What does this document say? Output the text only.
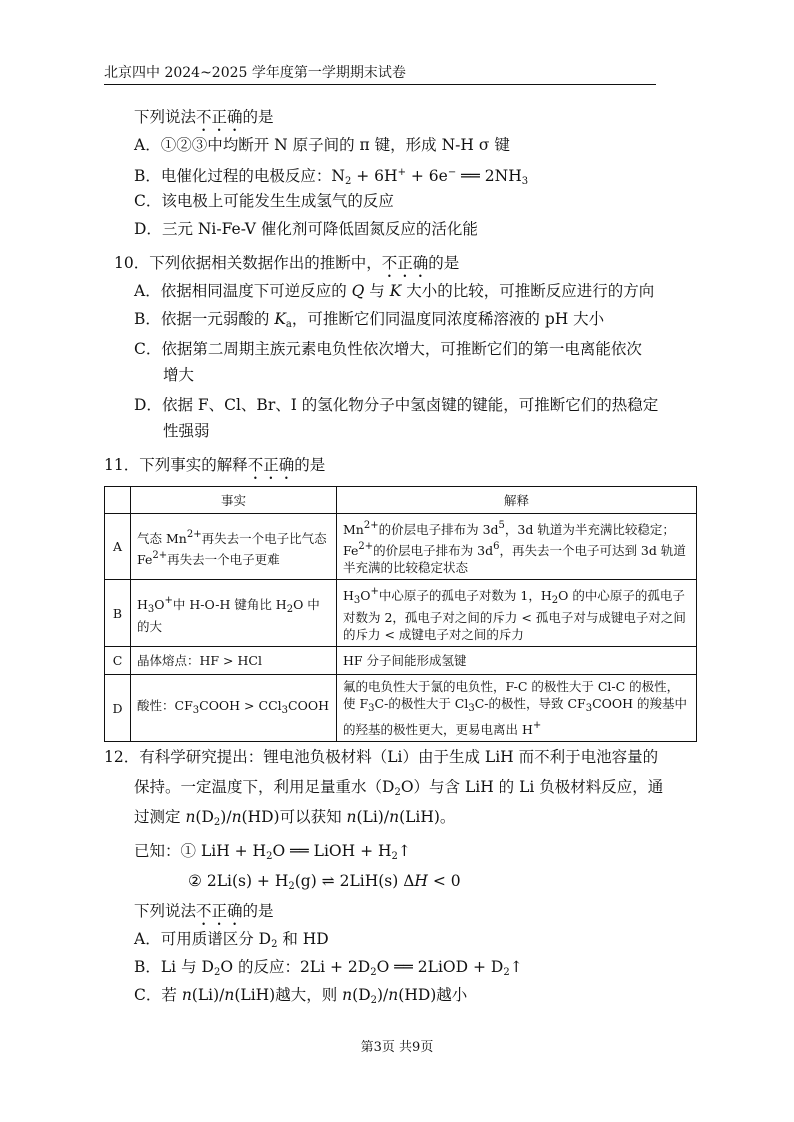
北京四中 2024~2025 学年度第一学期期末试卷
下列说法不正确的是
A．①②③中均断开 N 原子间的 π 键，形成 N-H σ 键
B．电催化过程的电极反应：$N_2 + 6H^+ + 6e^-$ ══ $2NH_3$
C．该电极上可能发生生成氢气的反应
D．三元 Ni-Fe-V 催化剂可降低固氮反应的活化能
10．下列依据相关数据作出的推断中，不正确的是
A．依据相同温度下可逆反应的 Q 与 K 大小的比较，可推断反应进行的方向
B．依据一元弱酸的 $K_a$，可推断它们同温度同浓度稀溶液的 pH 大小
C．依据第二周期主族元素电负性依次增大，可推断它们的第一电离能依次
增大
D．依据 F、Cl、Br、I 的氢化物分子中氢卤键的键能，可推断它们的热稳定
性强弱
11．下列事实的解释不正确的是
	事实	解释
A	气态 $Mn^{2+}$再失去一个电子比气态 $Fe^{2+}$再失去一个电子更难	$Mn^{2+}$的价层电子排布为 $3d^5$，3d 轨道为半充满比较稳定；$Fe^{2+}$的价层电子排布为 $3d^6$，再失去一个电子可达到 3d 轨道半充满的比较稳定状态
B	$H_3O^+$中 H-O-H 键角比 $H_2O$ 中的大	$H_3O^+$中心原子的孤电子对数为 1，$H_2O$ 的中心原子的孤电子对数为 2，孤电子对之间的斥力 < 孤电子对与成键电子对之间的斥力 < 成键电子对之间的斥力
C	晶体熔点：HF > HCl	HF 分子间能形成氢键
D	酸性：$CF_3COOH$ > CCl$_3$COOH	氟的电负性大于氯的电负性，F-C 的极性大于 Cl-C 的极性，使 $F_3C-$的极性大于 $Cl_3C-$的极性，导致 $CF_3COOH$ 的羧基中的羟基的极性更大，更易电离出 H+
12．有科学研究提出：锂电池负极材料（Li）由于生成 LiH 而不利于电池容量的
保持。一定温度下，利用足量重水$(D_2O)$与含 LiH 的 Li 负极材料反应，通
过测定 $n(D_2)/n(HD)$可以获知 n(Li)/n(LiH)。
已知：① LiH + $H_2O$ ══ LiOH + $H_2↑$
② $2Li(s) + H_2(g)$ ⇌ 2LiH(s) ΔH < 0
下列说法不正确的是
A．可用质谱区分 $D_2$ 和 HD
B．Li 与 $D_2O$ 的反应：$2Li + 2D_2O$ ══ 2LiOD + $D_2↑$
C．若 n(Li)/n(LiH)越大，则 $n(D_2)/n(HD)$越小
第3页 共9页
